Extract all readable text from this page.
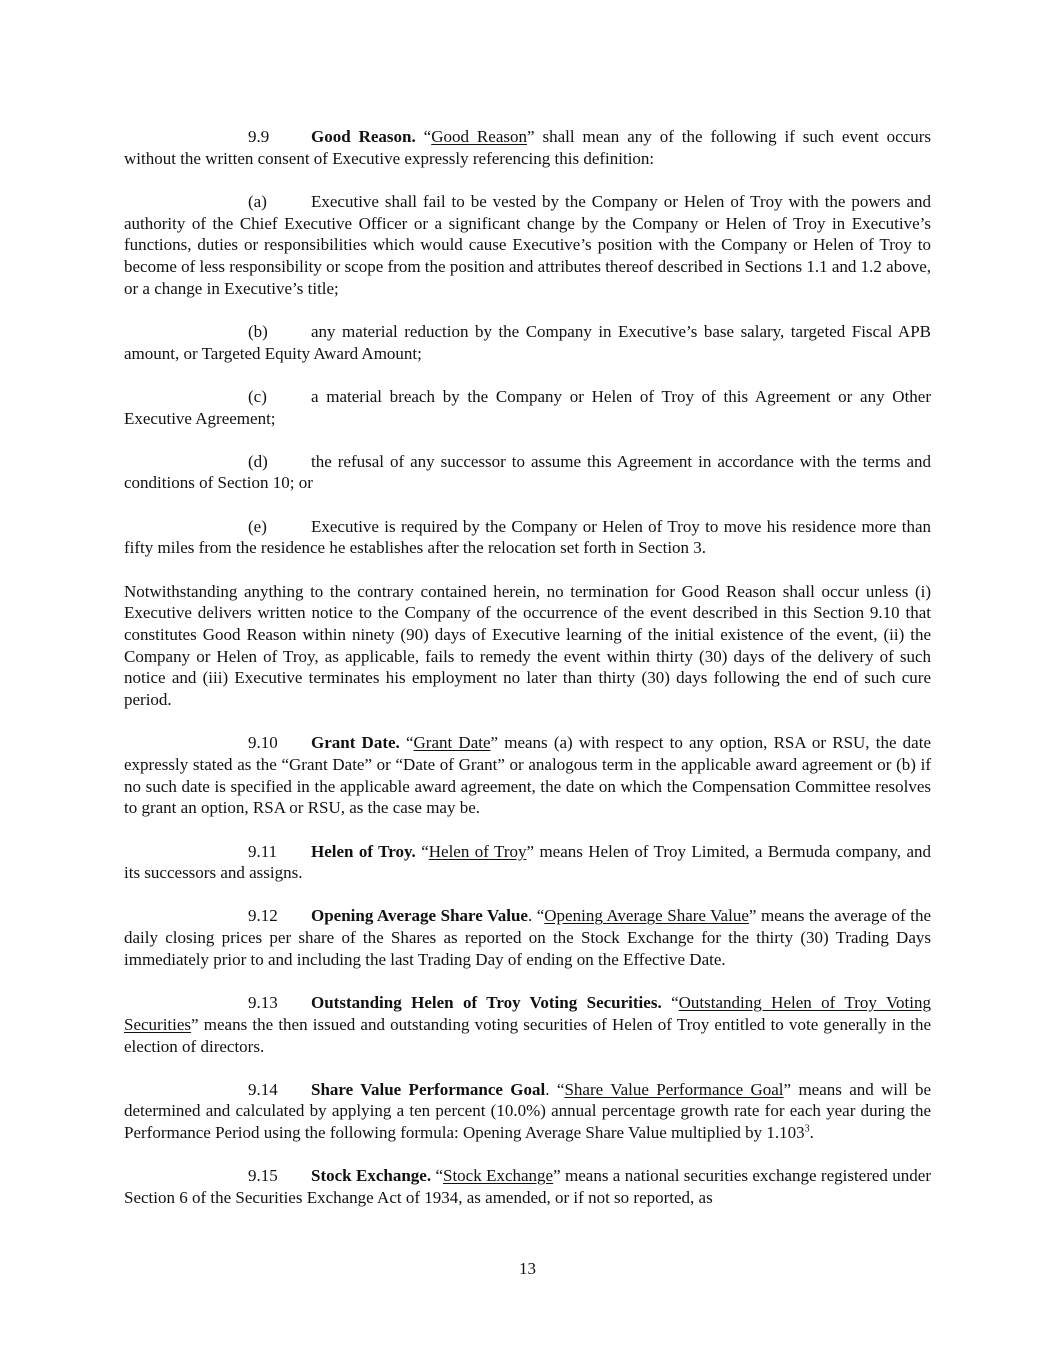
9.9 Good Reason. “Good Reason” shall mean any of the following if such event occurs without the written consent of Executive expressly referencing this definition:

(a)	Executive shall fail to be vested by the Company or Helen of Troy with the powers and authority of the Chief Executive Officer or a significant change by the Company or Helen of Troy in Executive’s functions, duties or responsibilities which would cause Executive’s position with the Company or Helen of Troy to become of less responsibility or scope from the position and attributes thereof described in Sections 1.1 and 1.2 above, or a change in Executive’s title;

(b)	any material reduction by the Company in Executive’s base salary, targeted Fiscal APB amount, or Targeted Equity Award Amount;

(c)	a material breach by the Company or Helen of Troy of this Agreement or any Other Executive Agreement;

(d)	the refusal of any successor to assume this Agreement in accordance with the terms and conditions of Section 10; or

(e)	Executive is required by the Company or Helen of Troy to move his residence more than fifty miles from the residence he establishes after the relocation set forth in Section 3.

Notwithstanding anything to the contrary contained herein, no termination for Good Reason shall occur unless (i) Executive delivers written notice to the Company of the occurrence of the event described in this Section 9.10 that constitutes Good Reason within ninety (90) days of Executive learning of the initial existence of the event, (ii) the Company or Helen of Troy, as applicable, fails to remedy the event within thirty (30) days of the delivery of such notice and (iii) Executive terminates his employment no later than thirty (30) days following the end of such cure period.

9.10 Grant Date. “Grant Date” means (a) with respect to any option, RSA or RSU, the date expressly stated as the “Grant Date” or “Date of Grant” or analogous term in the applicable award agreement or (b) if no such date is specified in the applicable award agreement, the date on which the Compensation Committee resolves to grant an option, RSA or RSU, as the case may be.

9.11 Helen of Troy. “Helen of Troy” means Helen of Troy Limited, a Bermuda company, and its successors and assigns.

9.12 Opening Average Share Value. “Opening Average Share Value” means the average of the daily closing prices per share of the Shares as reported on the Stock Exchange for the thirty (30) Trading Days immediately prior to and including the last Trading Day of ending on the Effective Date.

9.13 Outstanding Helen of Troy Voting Securities. “Outstanding Helen of Troy Voting Securities” means the then issued and outstanding voting securities of Helen of Troy entitled to vote generally in the election of directors.

9.14 Share Value Performance Goal. “Share Value Performance Goal” means and will be determined and calculated by applying a ten percent (10.0%) annual percentage growth rate for each year during the Performance Period using the following formula: Opening Average Share Value multiplied by 1.103$^3$.

9.15 Stock Exchange. “Stock Exchange” means a national securities exchange registered under Section 6 of the Securities Exchange Act of 1934, as amended, or if not so reported, as

13
